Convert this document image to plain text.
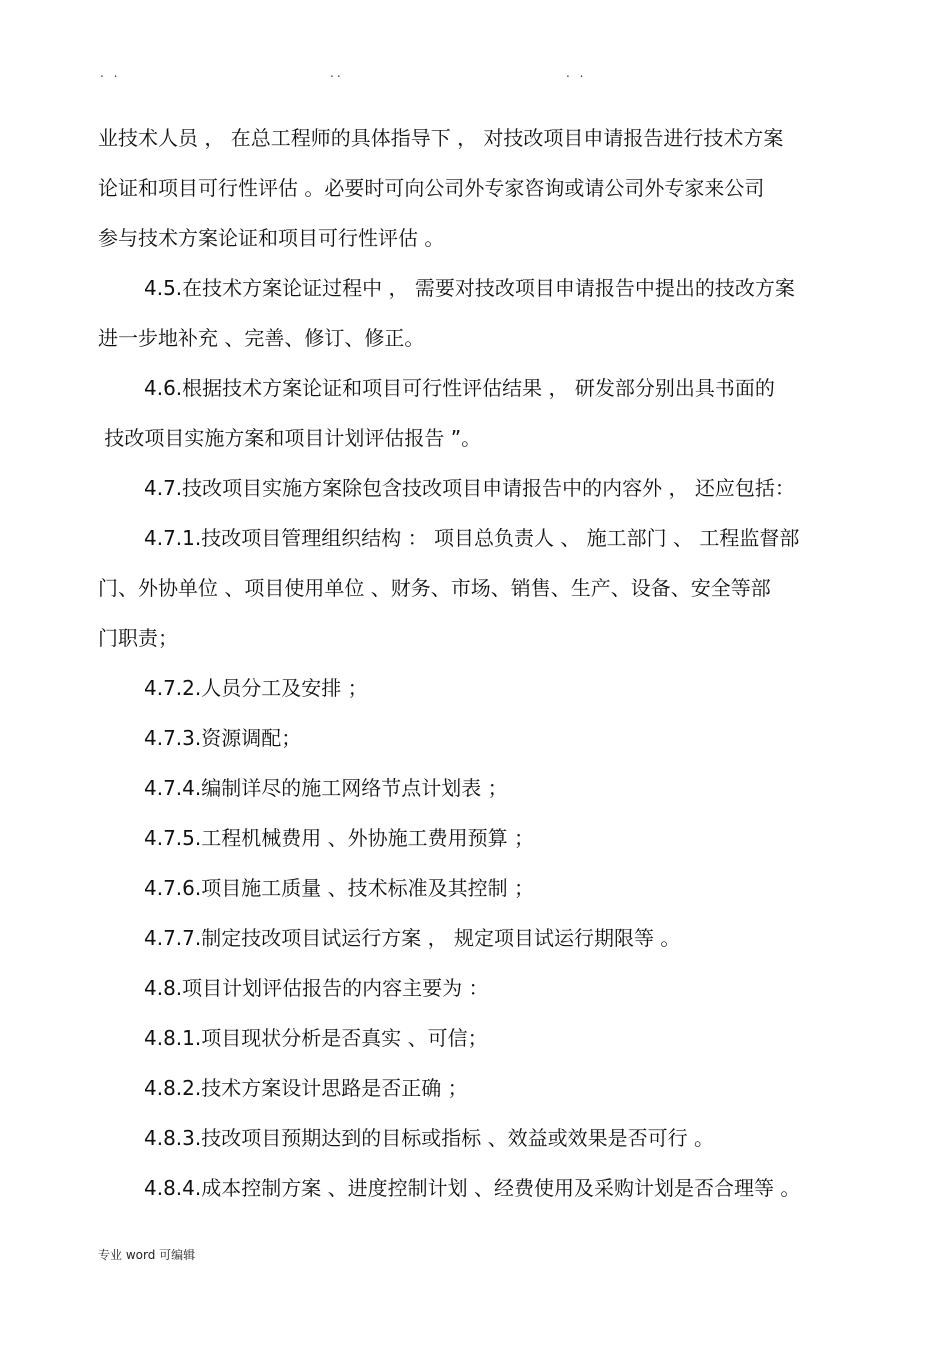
. .	..	. .
业技术人员 ， 在总工程师的具体指导下 ， 对技改项目申请报告进行技术方案
论证和项目可行性评估 。必要时可向公司外专家咨询或请公司外专家来公司
参与技术方案论证和项目可行性评估 。
4.5.在技术方案论证过程中 ， 需要对技改项目申请报告中提出的技改方案
进一步地补充 、完善、修订、修正。
4.6.根据技术方案论证和项目可行性评估结果 ， 研发部分别出具书面的
技改项目实施方案和项目计划评估报告 ”。
4.7.技改项目实施方案除包含技改项目申请报告中的内容外 ， 还应包括：
4.7.1.技改项目管理组织结构 ： 项目总负责人 、 施工部门 、 工程监督部
门、外协单位 、项目使用单位 、财务、市场、销售、生产、设备、安全等部
门职责；
4.7.2.人员分工及安排 ；
4.7.3.资源调配；
4.7.4.编制详尽的施工网络节点计划表 ；
4.7.5.工程机械费用 、外协施工费用预算 ；
4.7.6.项目施工质量 、技术标准及其控制 ；
4.7.7.制定技改项目试运行方案 ， 规定项目试运行期限等 。
4.8.项目计划评估报告的内容主要为 ：
4.8.1.项目现状分析是否真实 、可信；
4.8.2.技术方案设计思路是否正确 ；
4.8.3.技改项目预期达到的目标或指标 、效益或效果是否可行 。
4.8.4.成本控制方案 、进度控制计划 、经费使用及采购计划是否合理等 。
专业 word 可编辑
